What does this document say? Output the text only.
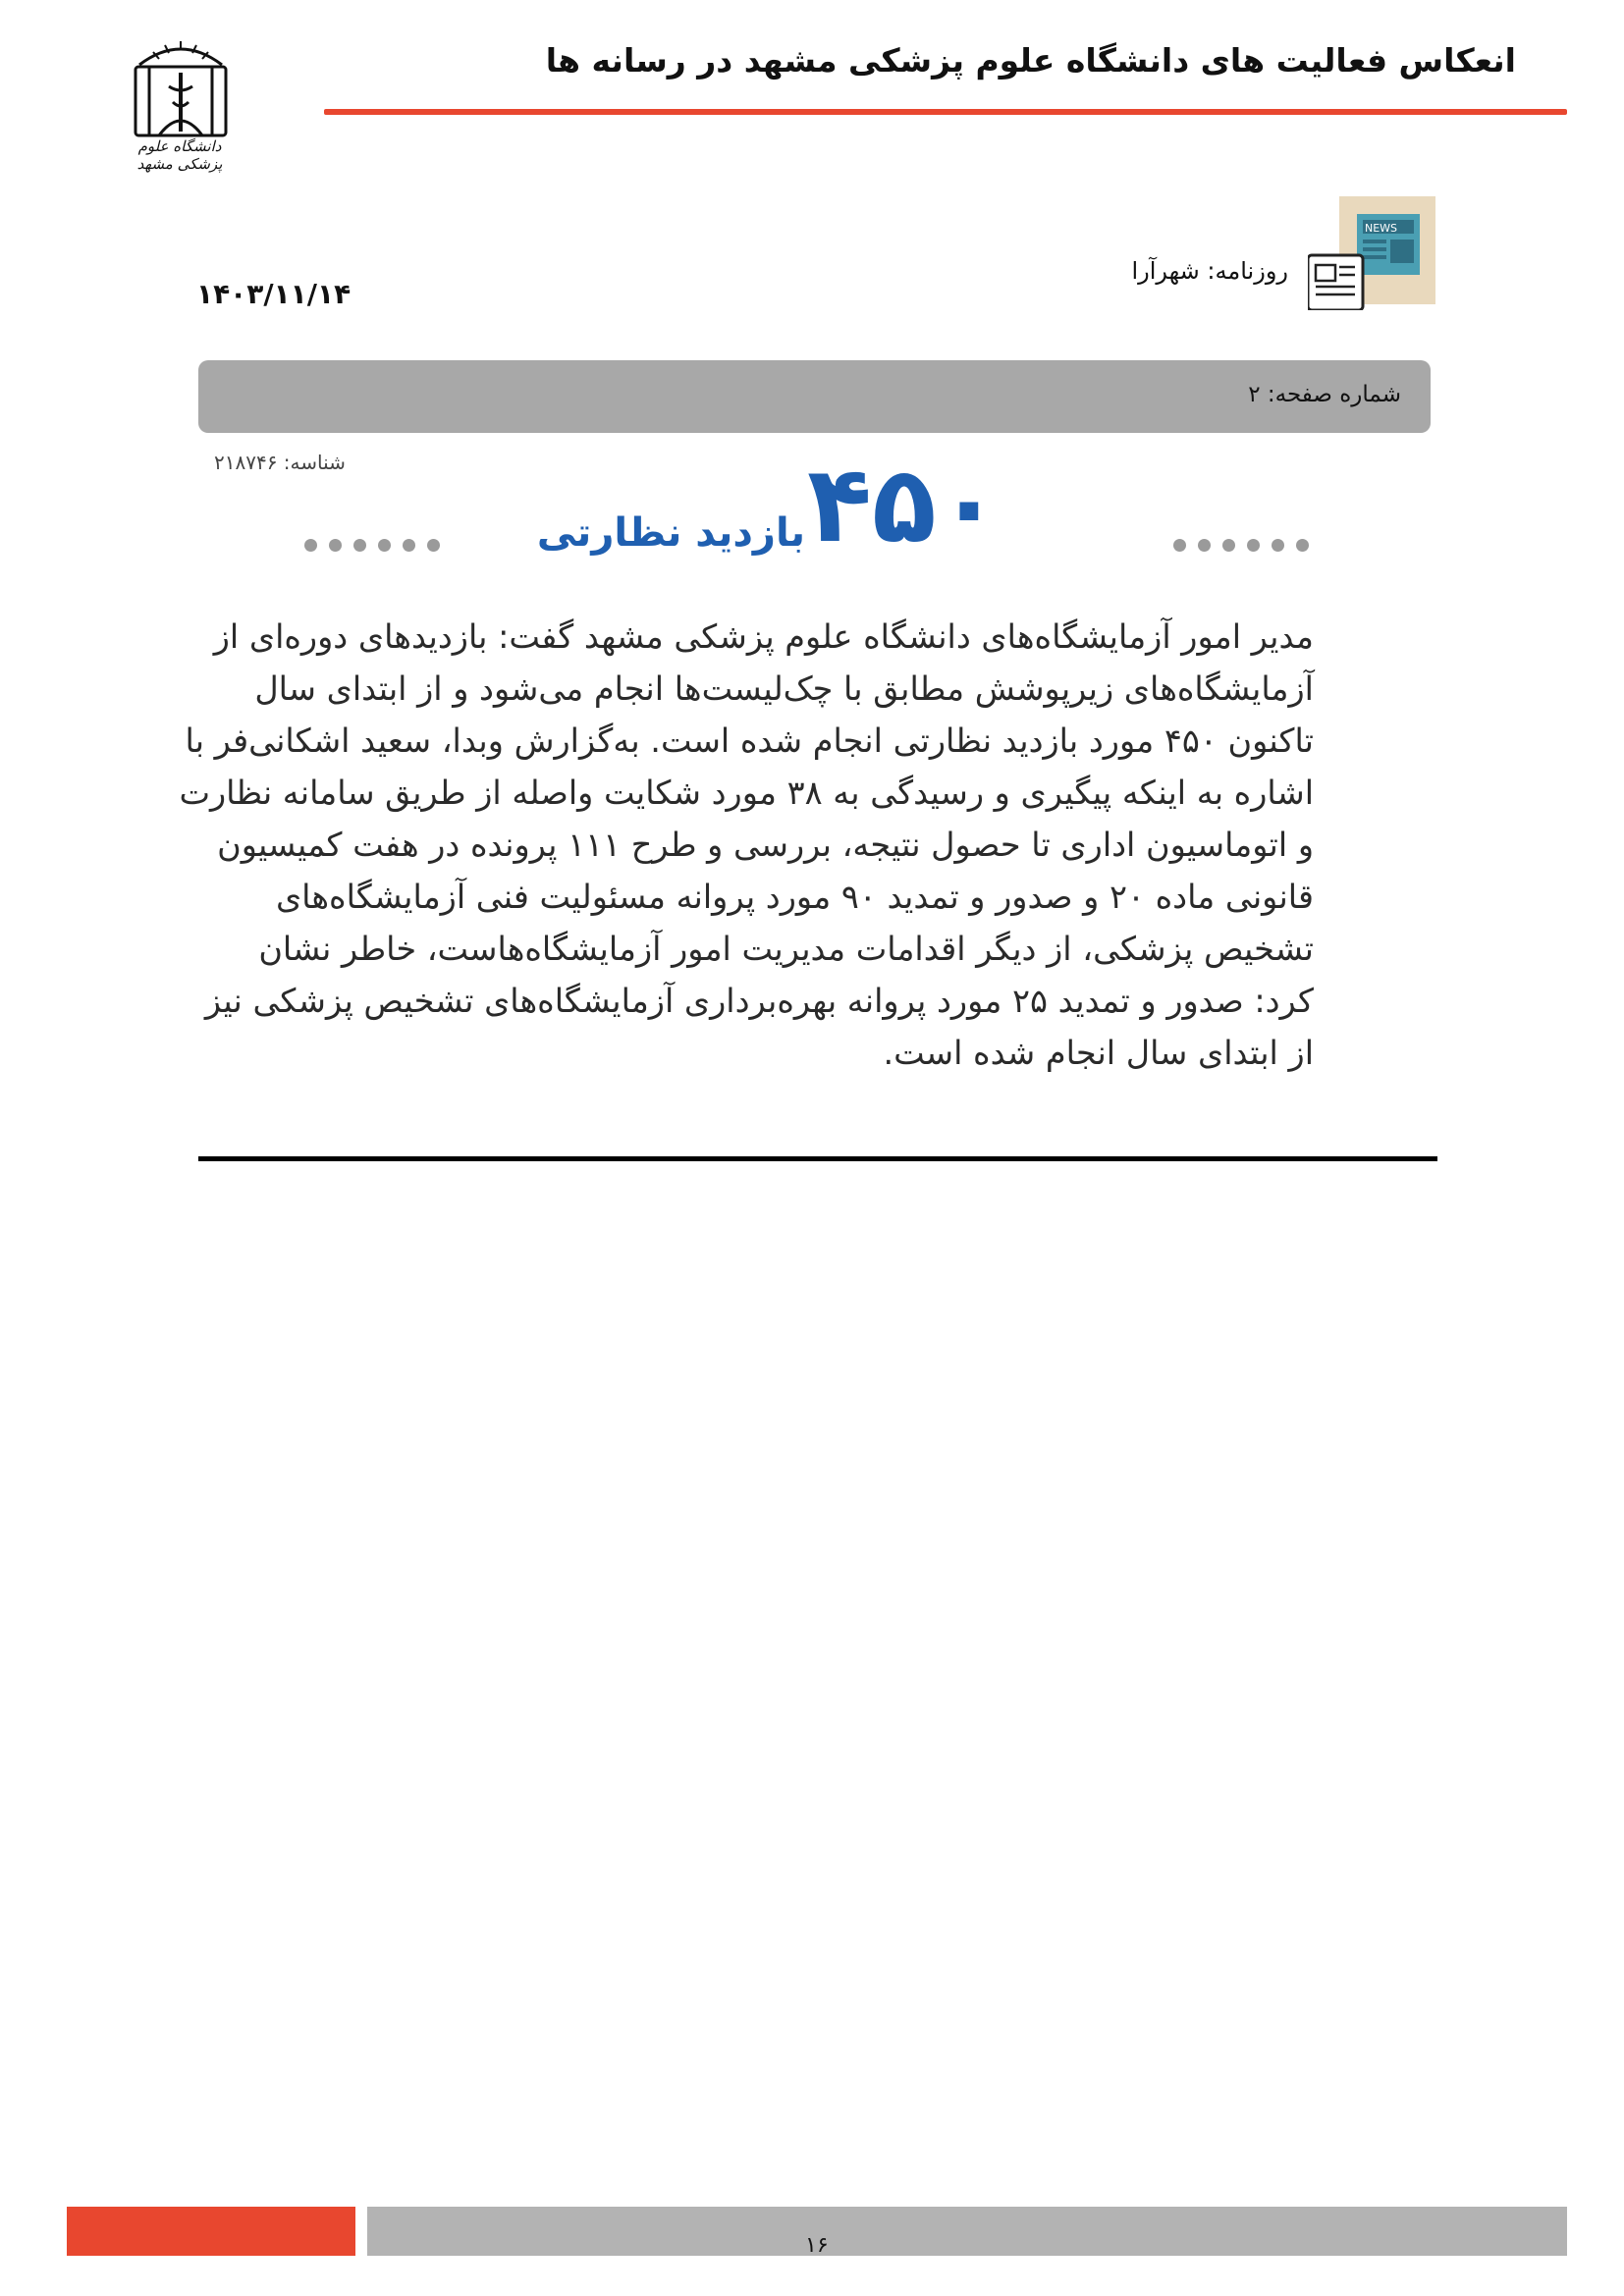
انعکاس فعالیت های دانشگاه علوم پزشکی مشهد در رسانه ها
دانشگاه علوم پزشکی مشهد
NEWS
روزنامه: شهرآرا
۱۴۰۳/۱۱/۱۴
شماره صفحه: ۲
شناسه: ۲۱۸۷۴۶	۴۵۰
بازدید نظارتی
مدیر امور آزمایشگاه‌های دانشگاه علوم پزشکی مشهد گفت: بازدیدهای دوره‌ای از
آزمایشگاه‌های زیرپوشش مطابق با چک‌لیست‌ها انجام می‌شود و از ابتدای سال
تاکنون ۴۵۰ مورد بازدید نظارتی انجام شده است. به‌گزارش وبدا، سعید اشکانی‌فر با
اشاره به اینکه پیگیری و رسیدگی به ۳۸ مورد شکایت واصله از طریق سامانه نظارت
و اتوماسیون اداری تا حصول نتیجه، بررسی و طرح ۱۱۱ پرونده در هفت کمیسیون
قانونی ماده ۲۰ و صدور و تمدید ۹۰ مورد پروانه مسئولیت فنی آزمایشگاه‌های
تشخیص پزشکی، از دیگر اقدامات مدیریت امور آزمایشگاه‌هاست، خاطر نشان
کرد: صدور و تمدید ۲۵ مورد پروانه بهره‌برداری آزمایشگاه‌های تشخیص پزشکی نیز
از ابتدای سال انجام شده است.
۱۶
